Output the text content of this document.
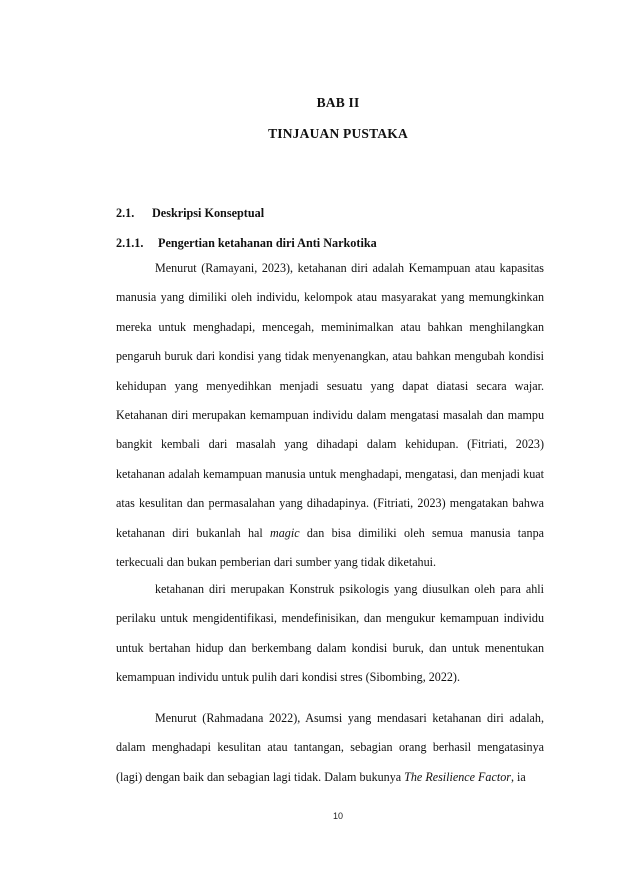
BAB II
TINJAUAN PUSTAKA
2.1. Deskripsi Konseptual
2.1.1. Pengertian ketahanan diri Anti Narkotika

Menurut (Ramayani, 2023), ketahanan diri adalah Kemampuan atau kapasitas manusia yang dimiliki oleh individu, kelompok atau masyarakat yang memungkinkan mereka untuk menghadapi, mencegah, meminimalkan atau bahkan menghilangkan pengaruh buruk dari kondisi yang tidak menyenangkan, atau bahkan mengubah kondisi kehidupan yang menyedihkan menjadi sesuatu yang dapat diatasi secara wajar. Ketahanan diri merupakan kemampuan individu dalam mengatasi masalah dan mampu bangkit kembali dari masalah yang dihadapi dalam kehidupan. (Fitriati, 2023) ketahanan adalah kemampuan manusia untuk menghadapi, mengatasi, dan menjadi kuat atas kesulitan dan permasalahan yang dihadapinya. (Fitriati, 2023) mengatakan bahwa ketahanan diri bukanlah hal magic dan bisa dimiliki oleh semua manusia tanpa terkecuali dan bukan pemberian dari sumber yang tidak diketahui.

ketahanan diri merupakan Konstruk psikologis yang diusulkan oleh para ahli perilaku untuk mengidentifikasi, mendefinisikan, dan mengukur kemampuan individu untuk bertahan hidup dan berkembang dalam kondisi buruk, dan untuk menentukan kemampuan individu untuk pulih dari kondisi stres (Sibombing, 2022).

Menurut (Rahmadana 2022), Asumsi yang mendasari ketahanan diri adalah, dalam menghadapi kesulitan atau tantangan, sebagian orang berhasil mengatasinya (lagi) dengan baik dan sebagian lagi tidak. Dalam bukunya The Resilience Factor, ia

10
